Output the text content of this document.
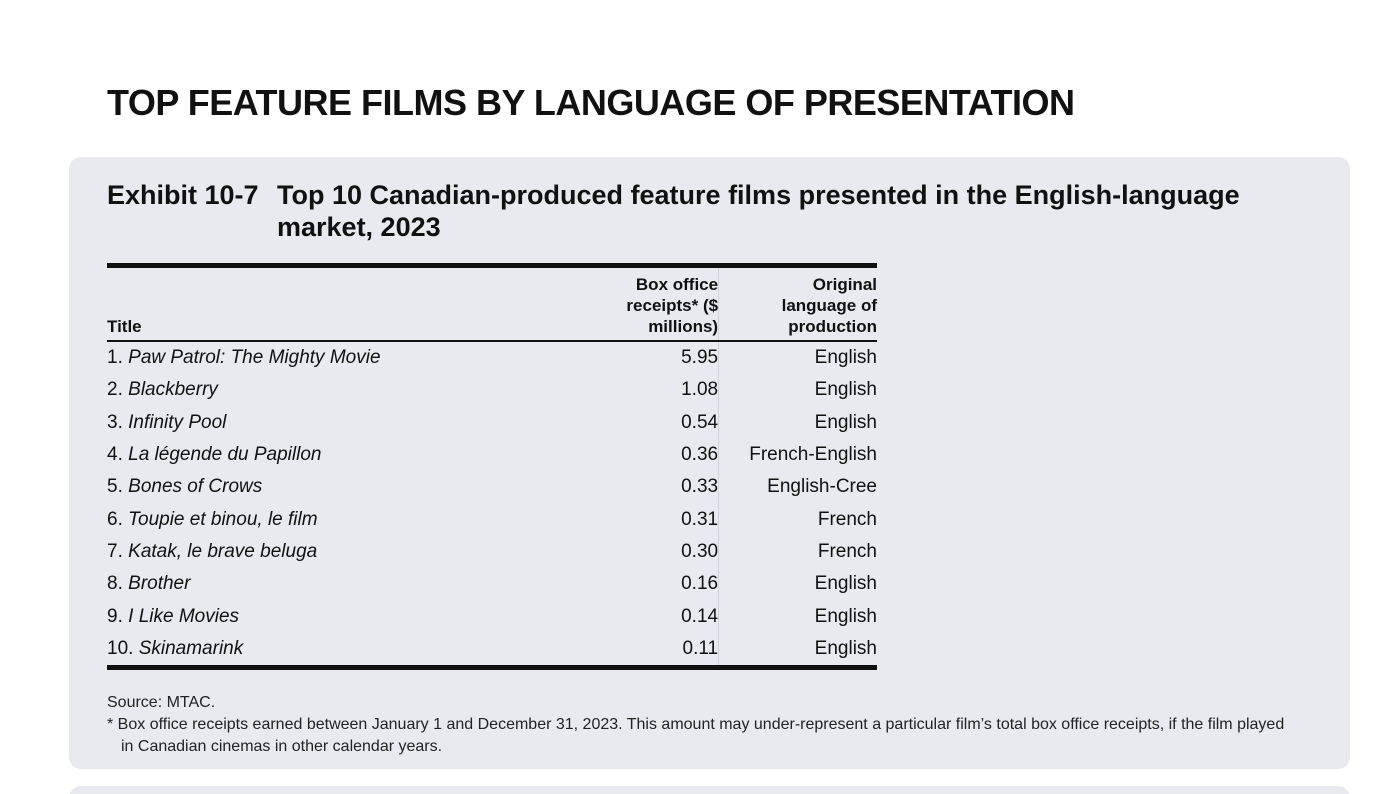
TOP FEATURE FILMS BY LANGUAGE OF PRESENTATION
Exhibit 10-7 Top 10 Canadian-produced feature films presented in the English-language market, 2023
Title	Box office receipts* ($ millions)	Original language of production
1. Paw Patrol: The Mighty Movie	5.95	English
2. Blackberry	1.08	English
3. Infinity Pool	0.54	English
4. La légende du Papillon	0.36	French-English
5. Bones of Crows	0.33	English-Cree
6. Toupie et binou, le film	0.31	French
7. Katak, le brave beluga	0.30	French
8. Brother	0.16	English
9. I Like Movies	0.14	English
10. Skinamarink	0.11	English

Source: MTAC.

* Box office receipts earned between January 1 and December 31, 2023. This amount may under-represent a particular film’s total box office receipts, if the film played in Canadian cinemas in other calendar years.
